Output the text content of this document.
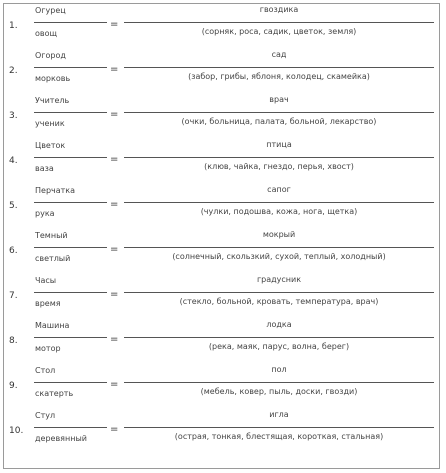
1.
Огурец
овощ
=
гвоздика
(сорняк, роса, садик, цветок, земля)
2.
Огород
морковь
=
сад
(забор, грибы, яблоня, колодец, скамейка)
3.
Учитель
ученик
=
врач
(очки, больница, палата, больной, лекарство)
4.
Цветок
ваза
=
птица
(клюв, чайка, гнездо, перья, хвост)
5.
Перчатка
рука
=
сапог
(чулки, подошва, кожа, нога, щетка)
6.
Темный
светлый
=
мокрый
(солнечный, скользкий, сухой, теплый, холодный)
7.
Часы
время
=
градусник
(стекло, больной, кровать, температура, врач)
8.
Машина
мотор
=
лодка
(река, маяк, парус, волна, берег)
9.
Стол
скатерть
=
пол
(мебель, ковер, пыль, доски, гвозди)
10.
Стул
деревянный
=
игла
(острая, тонкая, блестящая, короткая, стальная)
